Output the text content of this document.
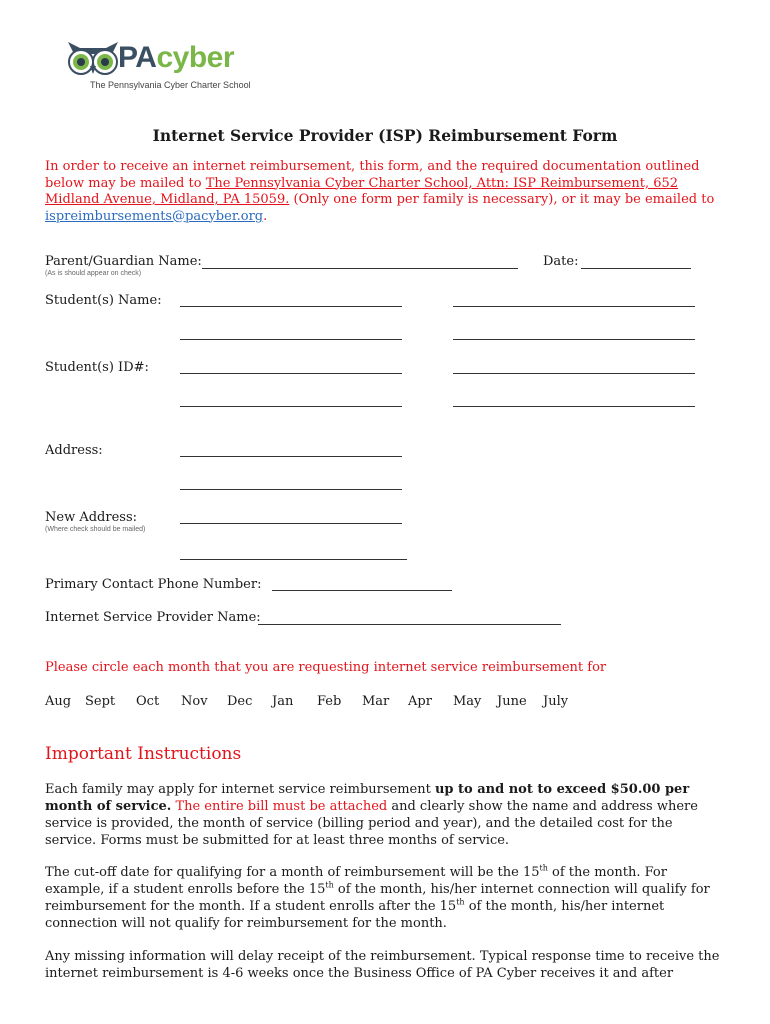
PAcyber
The Pennsylvania Cyber Charter School
Internet Service Provider (ISP) Reimbursement Form
In order to receive an internet reimbursement, this form, and the required documentation outlined below may be mailed to The Pennsylvania Cyber Charter School, Attn: ISP Reimbursement, 652 Midland Avenue, Midland, PA 15059. (Only one form per family is necessary), or it may be emailed to ispreimbursements@pacyber.org.
Parent/Guardian Name:
(As is should appear on check)
Date:
Student(s) Name:
Student(s) ID#:
Address:
New Address:
(Where check should be mailed)
Primary Contact Phone Number:
Internet Service Provider Name:
Please circle each month that you are requesting internet service reimbursement for
Aug Sept Oct Nov Dec Jan Feb Mar Apr May June July
Important Instructions
Each family may apply for internet service reimbursement up to and not to exceed $50.00 per month of service. The entire bill must be attached and clearly show the name and address where service is provided, the month of service (billing period and year), and the detailed cost for the service. Forms must be submitted for at least three months of service.
The cut-off date for qualifying for a month of reimbursement will be the 15th of the month. For example, if a student enrolls before the 15th of the month, his/her internet connection will qualify for reimbursement for the month. If a student enrolls after the 15th of the month, his/her internet connection will not qualify for reimbursement for the month.
Any missing information will delay receipt of the reimbursement. Typical response time to receive the internet reimbursement is 4-6 weeks once the Business Office of PA Cyber receives it and after
